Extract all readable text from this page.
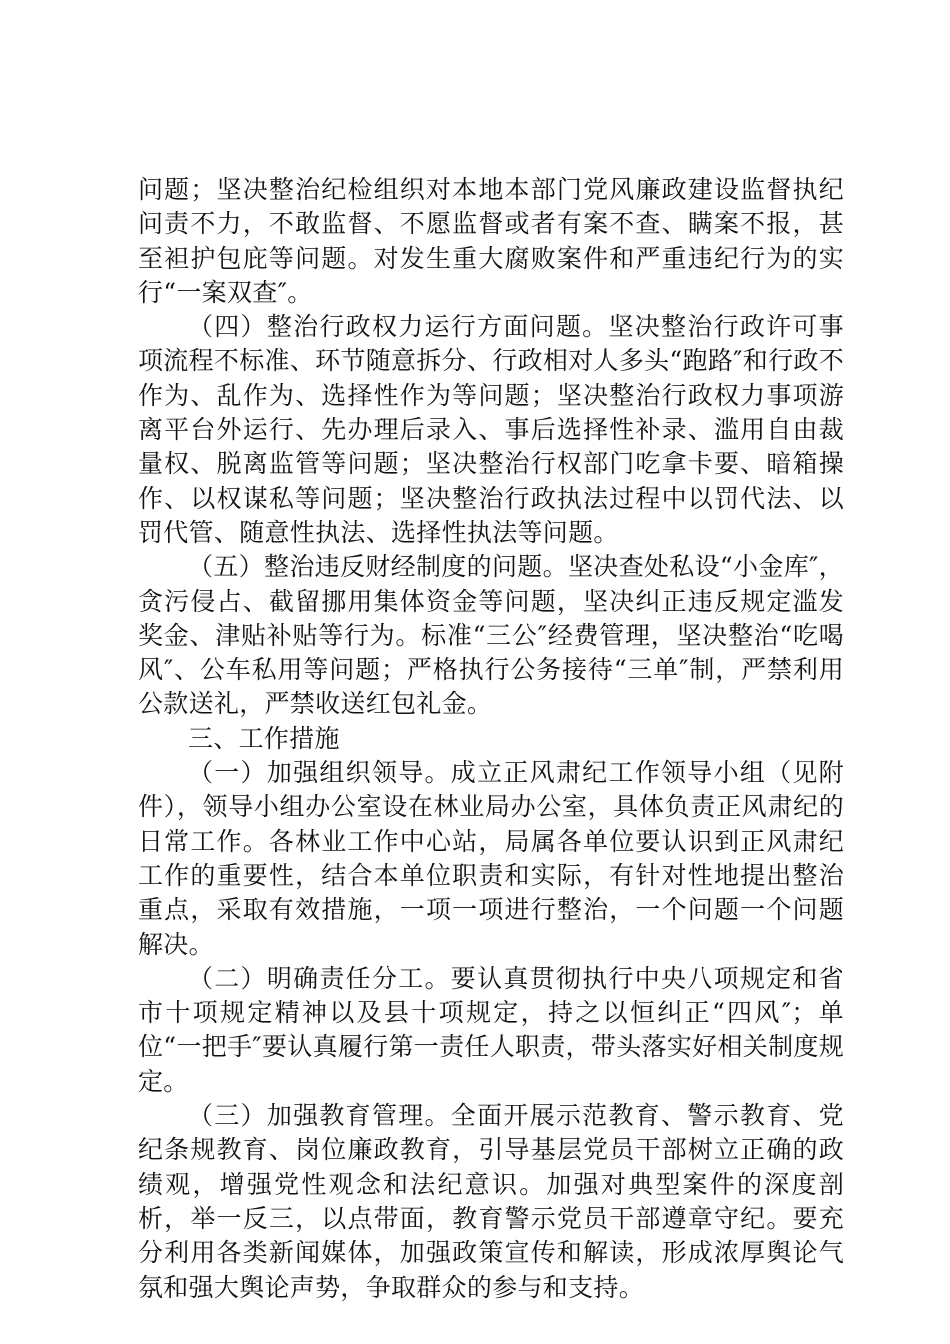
问题；坚决整治纪检组织对本地本部门党风廉政建设监督执纪问责不力，不敢监督、不愿监督或者有案不查、瞒案不报，甚至袒护包庇等问题。对发生重大腐败案件和严重违纪行为的实行“一案双查″。

（四）整治行政权力运行方面问题。坚决整治行政许可事项流程不标准、环节随意拆分、行政相对人多头“跑路″和行政不作为、乱作为、选择性作为等问题；坚决整治行政权力事项游离平台外运行、先办理后录入、事后选择性补录、滥用自由裁量权、脱离监管等问题；坚决整治行权部门吃拿卡要、暗箱操作、以权谋私等问题；坚决整治行政执法过程中以罚代法、以罚代管、随意性执法、选择性执法等问题。

（五）整治违反财经制度的问题。坚决查处私设“小金库″，贪污侵占、截留挪用集体资金等问题，坚决纠正违反规定滥发奖金、津贴补贴等行为。标准“三公″经费管理，坚决整治“吃喝风″、公车私用等问题；严格执行公务接待“三单″制，严禁利用公款送礼，严禁收送红包礼金。

三、工作措施

（一）加强组织领导。成立正风肃纪工作领导小组（见附件），领导小组办公室设在林业局办公室，具体负责正风肃纪的日常工作。各林业工作中心站，局属各单位要认识到正风肃纪工作的重要性，结合本单位职责和实际，有针对性地提出整治重点，采取有效措施，一项一项进行整治，一个问题一个问题解决。

（二）明确责任分工。要认真贯彻执行中央八项规定和省市十项规定精神以及县十项规定，持之以恒纠正“四风″；单位“一把手″要认真履行第一责任人职责，带头落实好相关制度规定。

（三）加强教育管理。全面开展示范教育、警示教育、党纪条规教育、岗位廉政教育，引导基层党员干部树立正确的政绩观，增强党性观念和法纪意识。加强对典型案件的深度剖析，举一反三，以点带面，教育警示党员干部遵章守纪。要充分利用各类新闻媒体，加强政策宣传和解读，形成浓厚舆论气氛和强大舆论声势，争取群众的参与和支持。
